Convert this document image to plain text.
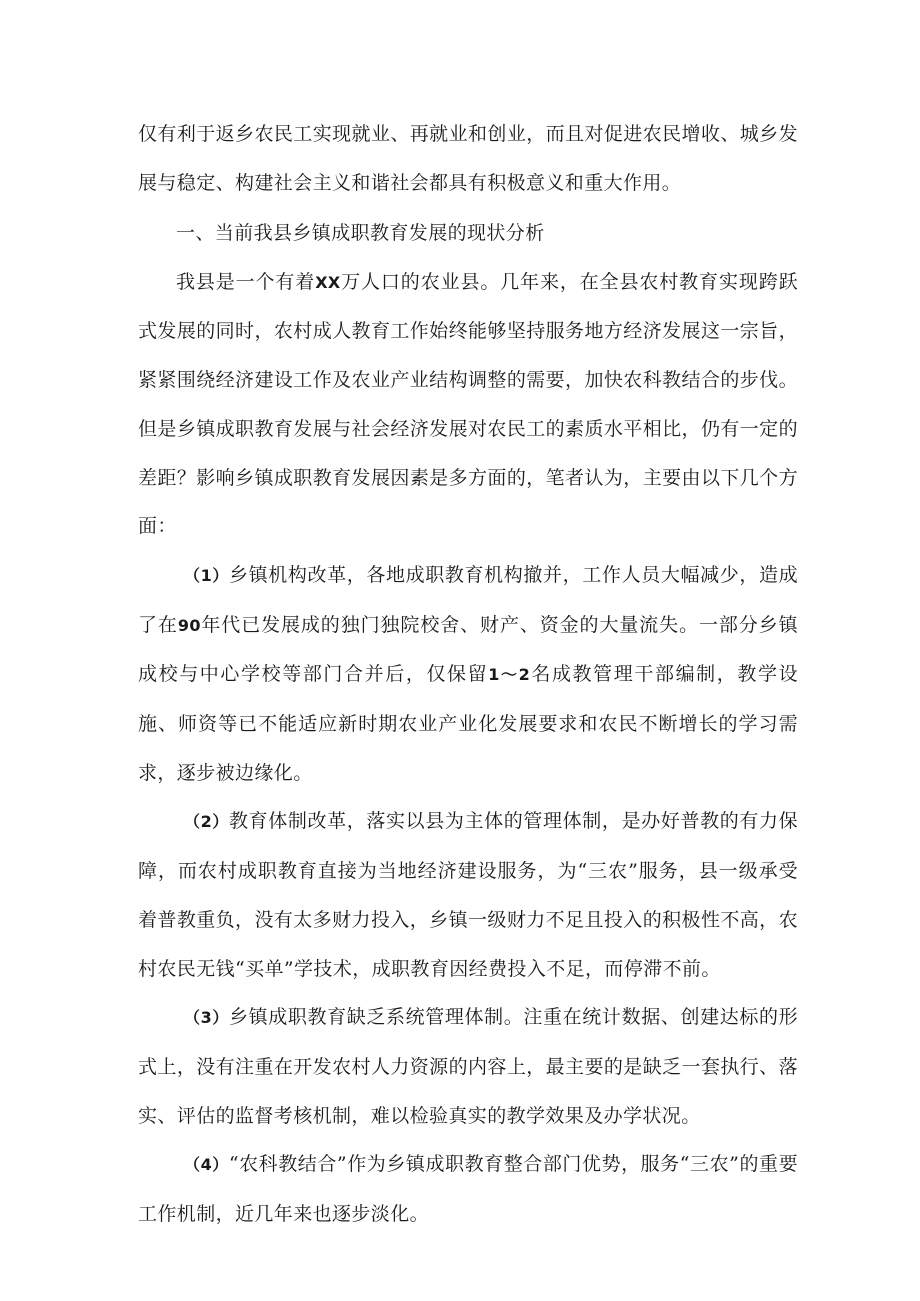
仅有利于返乡农民工实现就业、再就业和创业，而且对促进农民增收、城乡发展与稳定、构建社会主义和谐社会都具有积极意义和重大作用。

一、当前我县乡镇成职教育发展的现状分析

我县是一个有着XX万人口的农业县。几年来，在全县农村教育实现跨跃式发展的同时，农村成人教育工作始终能够坚持服务地方经济发展这一宗旨，紧紧围绕经济建设工作及农业产业结构调整的需要，加快农科教结合的步伐。但是乡镇成职教育发展与社会经济发展对农民工的素质水平相比，仍有一定的差距？影响乡镇成职教育发展因素是多方面的，笔者认为，主要由以下几个方面：

（1）乡镇机构改革，各地成职教育机构撤并，工作人员大幅减少，造成了在90年代已发展成的独门独院校舍、财产、资金的大量流失。一部分乡镇成校与中心学校等部门合并后，仅保留1～2名成教管理干部编制，教学设施、师资等已不能适应新时期农业产业化发展要求和农民不断增长的学习需求，逐步被边缘化。

（2）教育体制改革，落实以县为主体的管理体制，是办好普教的有力保障，而农村成职教育直接为当地经济建设服务，为“三农”服务，县一级承受着普教重负，没有太多财力投入，乡镇一级财力不足且投入的积极性不高，农村农民无钱“买单”学技术，成职教育因经费投入不足，而停滞不前。

（3）乡镇成职教育缺乏系统管理体制。注重在统计数据、创建达标的形式上，没有注重在开发农村人力资源的内容上，最主要的是缺乏一套执行、落实、评估的监督考核机制，难以检验真实的教学效果及办学状况。

（4）“农科教结合”作为乡镇成职教育整合部门优势，服务“三农”的重要工作机制，近几年来也逐步淡化。
